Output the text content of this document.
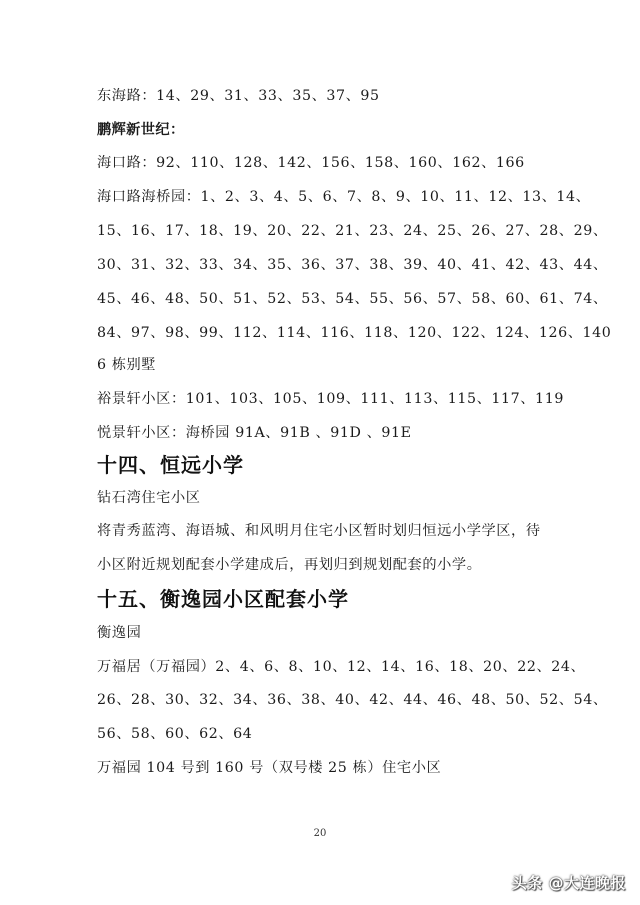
东海路：14、29、31、33、35、37、95
鹏辉新世纪：
海口路：92、110、128、142、156、158、160、162、166
海口路海桥园：1、2、3、4、5、6、7、8、9、10、11、12、13、14、
15、16、17、18、19、20、22、21、23、24、25、26、27、28、29、
30、31、32、33、34、35、36、37、38、39、40、41、42、43、44、
45、46、48、50、51、52、53、54、55、56、57、58、60、61、74、
84、97、98、99、112、114、116、118、120、122、124、126、140
6 栋别墅
裕景轩小区：101、103、105、109、111、113、115、117、119
悦景轩小区：海桥园 91A、91B 、91D 、91E
十四、恒远小学
钻石湾住宅小区
将青秀蓝湾、海语城、和风明月住宅小区暂时划归恒远小学学区，待
小区附近规划配套小学建成后，再划归到规划配套的小学。
十五、衡逸园小区配套小学
衡逸园
万福居（万福园）2、4、6、8、10、12、14、16、18、20、22、24、
26、28、30、32、34、36、38、40、42、44、46、48、50、52、54、
56、58、60、62、64
万福园 104 号到 160 号（双号楼 25 栋）住宅小区
20
头条 @大连晚报
